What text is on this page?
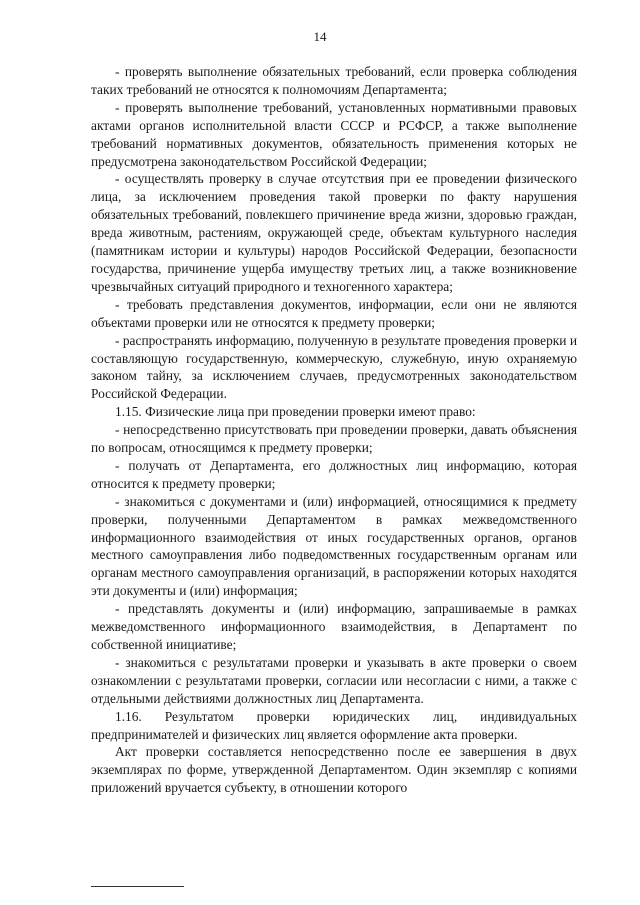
14

- проверять выполнение обязательных требований, если проверка соблюдения таких требований не относятся к полномочиям Департамента;

- проверять выполнение требований, установленных нормативными правовых актами органов исполнительной власти СССР и РСФСР, а также выполнение требований нормативных документов, обязательность применения которых не предусмотрена законодательством Российской Федерации;

- осуществлять проверку в случае отсутствия при ее проведении физического лица, за исключением проведения такой проверки по факту нарушения обязательных требований, повлекшего причинение вреда жизни, здоровью граждан, вреда животным, растениям, окружающей среде, объектам культурного наследия (памятникам истории и культуры) народов Российской Федерации, безопасности государства, причинение ущерба имуществу третьих лиц, а также возникновение чрезвычайных ситуаций природного и техногенного характера;

- требовать представления документов, информации, если они не являются объектами проверки или не относятся к предмету проверки;

- распространять информацию, полученную в результате проведения проверки и составляющую государственную, коммерческую, служебную, иную охраняемую законом тайну, за исключением случаев, предусмотренных законодательством Российской Федерации.

1.15. Физические лица при проведении проверки имеют право:

- непосредственно присутствовать при проведении проверки, давать объяснения по вопросам, относящимся к предмету проверки;

- получать от Департамента, его должностных лиц информацию, которая относится к предмету проверки;

- знакомиться с документами и (или) информацией, относящимися к предмету проверки, полученными Департаментом в рамках межведомственного информационного взаимодействия от иных государственных органов, органов местного самоуправления либо подведомственных государственным органам или органам местного самоуправления организаций, в распоряжении которых находятся эти документы и (или) информация;

- представлять документы и (или) информацию, запрашиваемые в рамках межведомственного информационного взаимодействия, в Департамент по собственной инициативе;

- знакомиться с результатами проверки и указывать в акте проверки о своем ознакомлении с результатами проверки, согласии или несогласии с ними, а также с отдельными действиями должностных лиц Департамента.

1.16. Результатом проверки юридических лиц, индивидуальных предпринимателей и физических лиц является оформление акта проверки.

Акт проверки составляется непосредственно после ее завершения в двух экземплярах по форме, утвержденной Департаментом. Один экземпляр с копиями приложений вручается субъекту, в отношении которого
